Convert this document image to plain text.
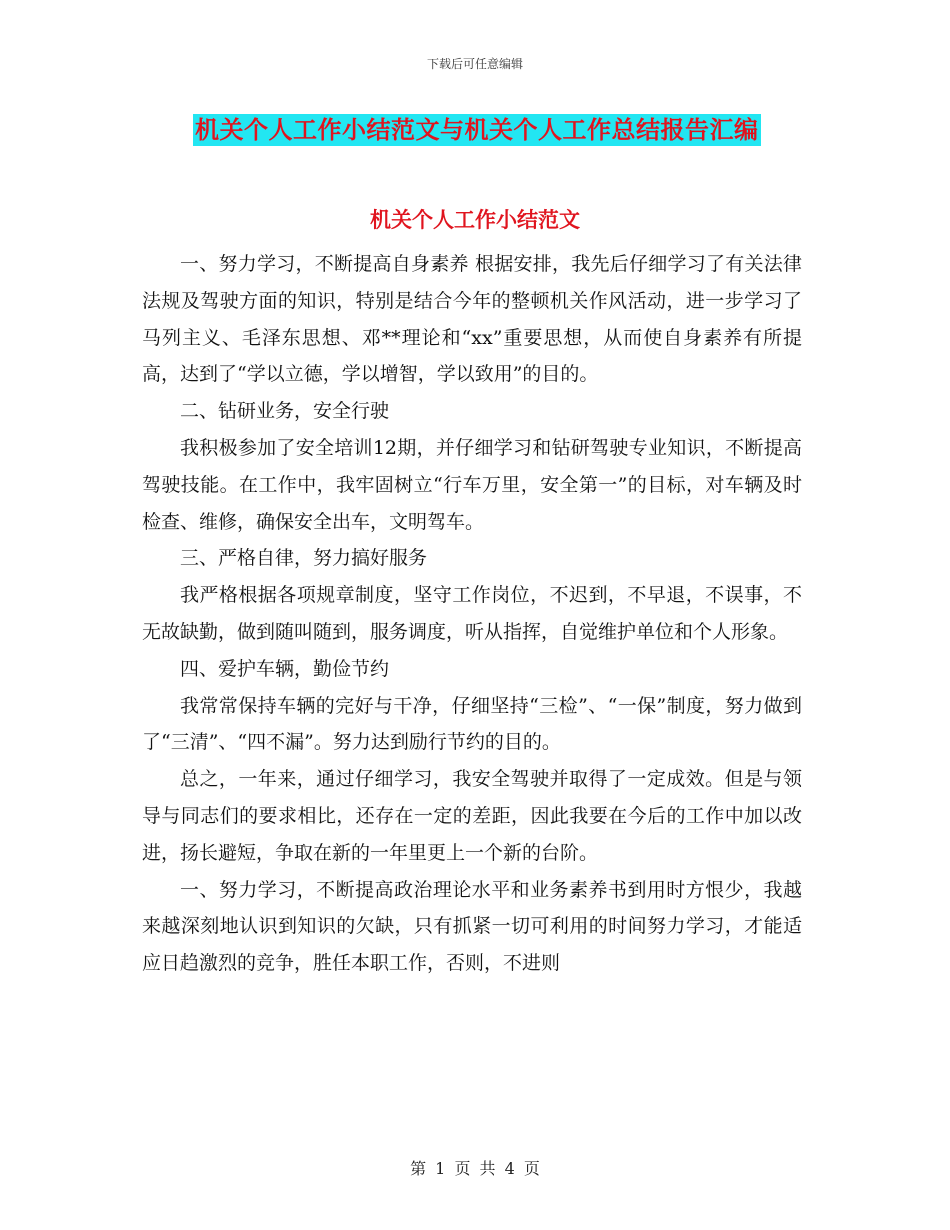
下载后可任意编辑
机关个人工作小结范文与机关个人工作总结报告汇编
机关个人工作小结范文

一、努力学习，不断提高自身素养 根据安排，我先后仔细学习了有关法律法规及驾驶方面的知识，特别是结合今年的整顿机关作风活动，进一步学习了马列主义、毛泽东思想、邓**理论和“xx”重要思想，从而使自身素养有所提高，达到了“学以立德，学以增智，学以致用”的目的。

二、钻研业务，安全行驶

我积极参加了安全培训12期，并仔细学习和钻研驾驶专业知识，不断提高驾驶技能。在工作中，我牢固树立“行车万里，安全第一”的目标，对车辆及时检查、维修，确保安全出车，文明驾车。

三、严格自律，努力搞好服务

我严格根据各项规章制度，坚守工作岗位，不迟到，不早退，不误事，不无故缺勤，做到随叫随到，服务调度，听从指挥，自觉维护单位和个人形象。

四、爱护车辆，勤俭节约

我常常保持车辆的完好与干净，仔细坚持“三检”、“一保”制度，努力做到了“三清”、“四不漏”。努力达到励行节约的目的。

总之，一年来，通过仔细学习，我安全驾驶并取得了一定成效。但是与领导与同志们的要求相比，还存在一定的差距，因此我要在今后的工作中加以改进，扬长避短，争取在新的一年里更上一个新的台阶。

一、努力学习，不断提高政治理论水平和业务素养书到用时方恨少，我越来越深刻地认识到知识的欠缺，只有抓紧一切可利用的时间努力学习，才能适应日趋激烈的竞争，胜任本职工作，否则，不进则

第 1 页 共 4 页
